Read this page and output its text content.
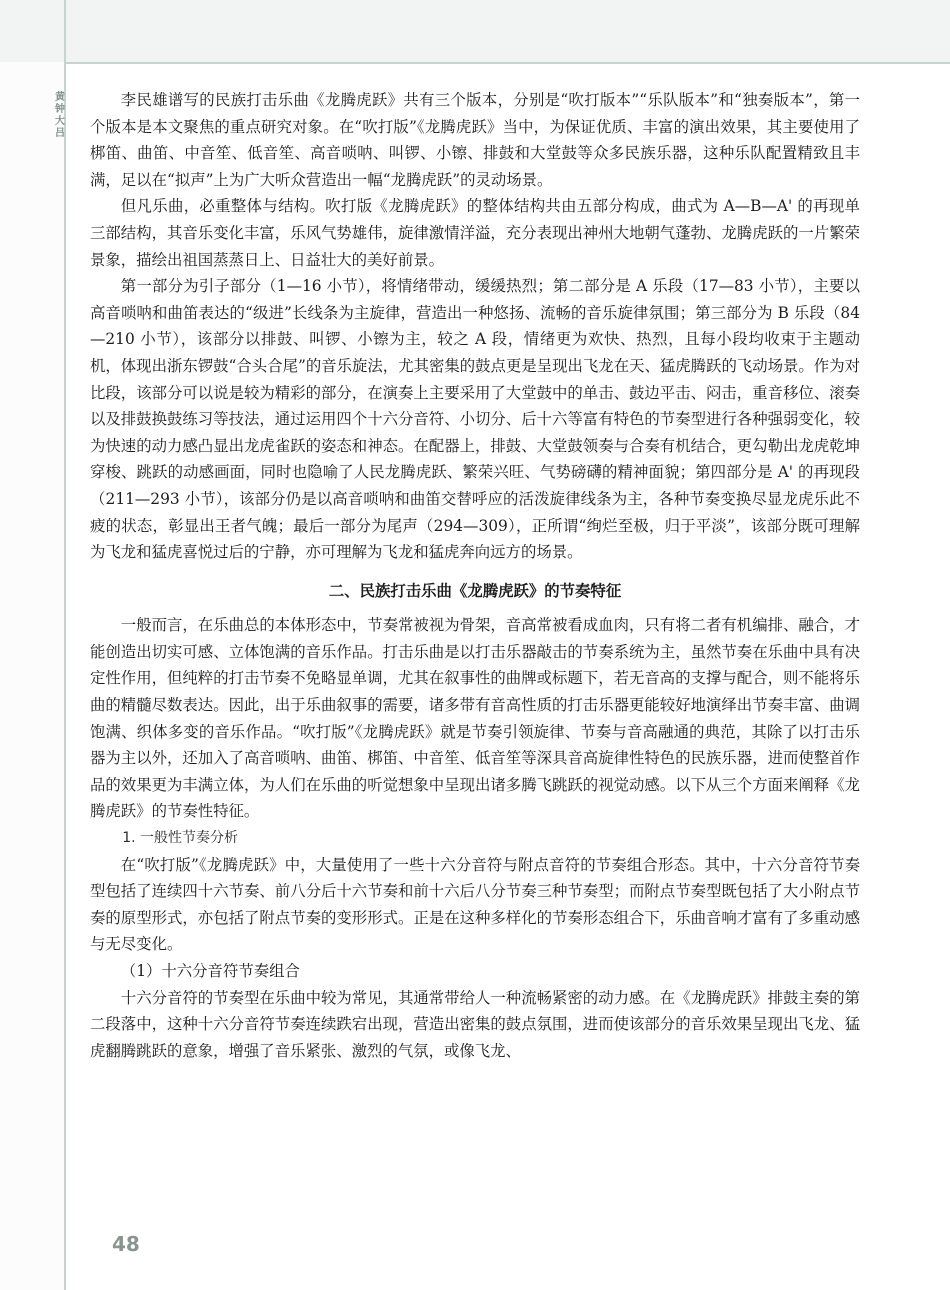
黄钟大吕

李民雄谱写的民族打击乐曲《龙腾虎跃》共有三个版本，分别是“吹打版本”“乐队版本”和“独奏版本”，第一个版本是本文聚焦的重点研究对象。在“吹打版”《龙腾虎跃》当中，为保证优质、丰富的演出效果，其主要使用了梆笛、曲笛、中音笙、低音笙、高音唢呐、叫锣、小镲、排鼓和大堂鼓等众多民族乐器，这种乐队配置精致且丰满，足以在“拟声”上为广大听众营造出一幅“龙腾虎跃”的灵动场景。

但凡乐曲，必重整体与结构。吹打版《龙腾虎跃》的整体结构共由五部分构成，曲式为 A—B—A' 的再现单三部结构，其音乐变化丰富，乐风气势雄伟，旋律激情洋溢，充分表现出神州大地朝气蓬勃、龙腾虎跃的一片繁荣景象，描绘出祖国蒸蒸日上、日益壮大的美好前景。

第一部分为引子部分（1—16 小节），将情绪带动，缓缓热烈；第二部分是 A 乐段（17—83 小节），主要以高音唢呐和曲笛表达的“级进”长线条为主旋律，营造出一种悠扬、流畅的音乐旋律氛围；第三部分为 B 乐段（84—210 小节），该部分以排鼓、叫锣、小镲为主，较之 A 段，情绪更为欢快、热烈，且每小段均收束于主题动机，体现出浙东锣鼓“合头合尾”的音乐旋法，尤其密集的鼓点更是呈现出飞龙在天、猛虎腾跃的飞动场景。作为对比段，该部分可以说是较为精彩的部分，在演奏上主要采用了大堂鼓中的单击、鼓边平击、闷击，重音移位、滚奏以及排鼓换鼓练习等技法，通过运用四个十六分音符、小切分、后十六等富有特色的节奏型进行各种强弱变化，较为快速的动力感凸显出龙虎雀跃的姿态和神态。在配器上，排鼓、大堂鼓领奏与合奏有机结合，更勾勒出龙虎乾坤穿梭、跳跃的动感画面，同时也隐喻了人民龙腾虎跃、繁荣兴旺、气势磅礴的精神面貌；第四部分是 A' 的再现段（211—293 小节），该部分仍是以高音唢呐和曲笛交替呼应的活泼旋律线条为主，各种节奏变换尽显龙虎乐此不疲的状态，彰显出王者气魄；最后一部分为尾声（294—309），正所谓“绚烂至极，归于平淡”，该部分既可理解为飞龙和猛虎喜悦过后的宁静，亦可理解为飞龙和猛虎奔向远方的场景。

二、民族打击乐曲《龙腾虎跃》的节奏特征

一般而言，在乐曲总的本体形态中，节奏常被视为骨架，音高常被看成血肉，只有将二者有机编排、融合，才能创造出切实可感、立体饱满的音乐作品。打击乐曲是以打击乐器敲击的节奏系统为主，虽然节奏在乐曲中具有决定性作用，但纯粹的打击节奏不免略显单调，尤其在叙事性的曲牌或标题下，若无音高的支撑与配合，则不能将乐曲的精髓尽数表达。因此，出于乐曲叙事的需要，诸多带有音高性质的打击乐器更能较好地演绎出节奏丰富、曲调饱满、织体多变的音乐作品。“吹打版”《龙腾虎跃》就是节奏引领旋律、节奏与音高融通的典范，其除了以打击乐器为主以外，还加入了高音唢呐、曲笛、梆笛、中音笙、低音笙等深具音高旋律性特色的民族乐器，进而使整首作品的效果更为丰满立体，为人们在乐曲的听觉想象中呈现出诸多腾飞跳跃的视觉动感。以下从三个方面来阐释《龙腾虎跃》的节奏性特征。

1. 一般性节奏分析

在“吹打版”《龙腾虎跃》中，大量使用了一些十六分音符与附点音符的节奏组合形态。其中，十六分音符节奏型包括了连续四十六节奏、前八分后十六节奏和前十六后八分节奏三种节奏型；而附点节奏型既包括了大小附点节奏的原型形式，亦包括了附点节奏的变形形式。正是在这种多样化的节奏形态组合下，乐曲音响才富有了多重动感与无尽变化。

（1）十六分音符节奏组合

十六分音符的节奏型在乐曲中较为常见，其通常带给人一种流畅紧密的动力感。在《龙腾虎跃》排鼓主奏的第二段落中，这种十六分音符节奏连续跌宕出现，营造出密集的鼓点氛围，进而使该部分的音乐效果呈现出飞龙、猛虎翻腾跳跃的意象，增强了音乐紧张、激烈的气氛，或像飞龙、

48
